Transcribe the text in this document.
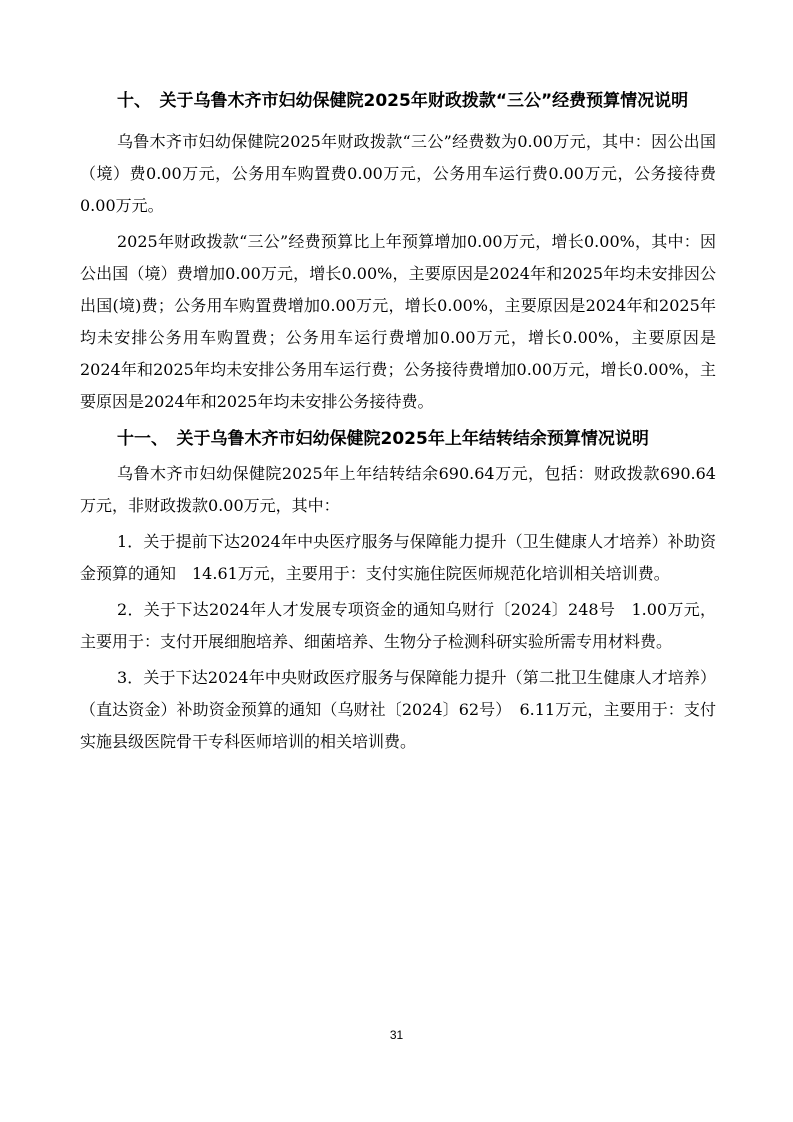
十、　关于乌鲁木齐市妇幼保健院2025年财政拨款“三公”经费预算情况说明

乌鲁木齐市妇幼保健院2025年财政拨款“三公”经费数为0.00万元，其中：因公出国（境）费0.00万元，公务用车购置费0.00万元，公务用车运行费0.00万元，公务接待费0.00万元。

2025年财政拨款“三公”经费预算比上年预算增加0.00万元，增长0.00%，其中：因公出国（境）费增加0.00万元，增长0.00%，主要原因是2024年和2025年均未安排因公出国(境)费；公务用车购置费增加0.00万元，增长0.00%，主要原因是2024年和2025年均未安排公务用车购置费；公务用车运行费增加0.00万元，增长0.00%，主要原因是2024年和2025年均未安排公务用车运行费；公务接待费增加0.00万元，增长0.00%，主要原因是2024年和2025年均未安排公务接待费。

十一、　关于乌鲁木齐市妇幼保健院2025年上年结转结余预算情况说明

乌鲁木齐市妇幼保健院2025年上年结转结余690.64万元，包括：财政拨款690.64万元，非财政拨款0.00万元，其中：

1．关于提前下达2024年中央医疗服务与保障能力提升（卫生健康人才培养）补助资金预算的通知　14.61万元，主要用于：支付实施住院医师规范化培训相关培训费。

2．关于下达2024年人才发展专项资金的通知乌财行〔2024〕248号　1.00万元，主要用于：支付开展细胞培养、细菌培养、生物分子检测科研实验所需专用材料费。

3．关于下达2024年中央财政医疗服务与保障能力提升（第二批卫生健康人才培养）（直达资金）补助资金预算的通知（乌财社〔2024〕62号）　6.11万元，主要用于：支付实施县级医院骨干专科医师培训的相关培训费。

31
